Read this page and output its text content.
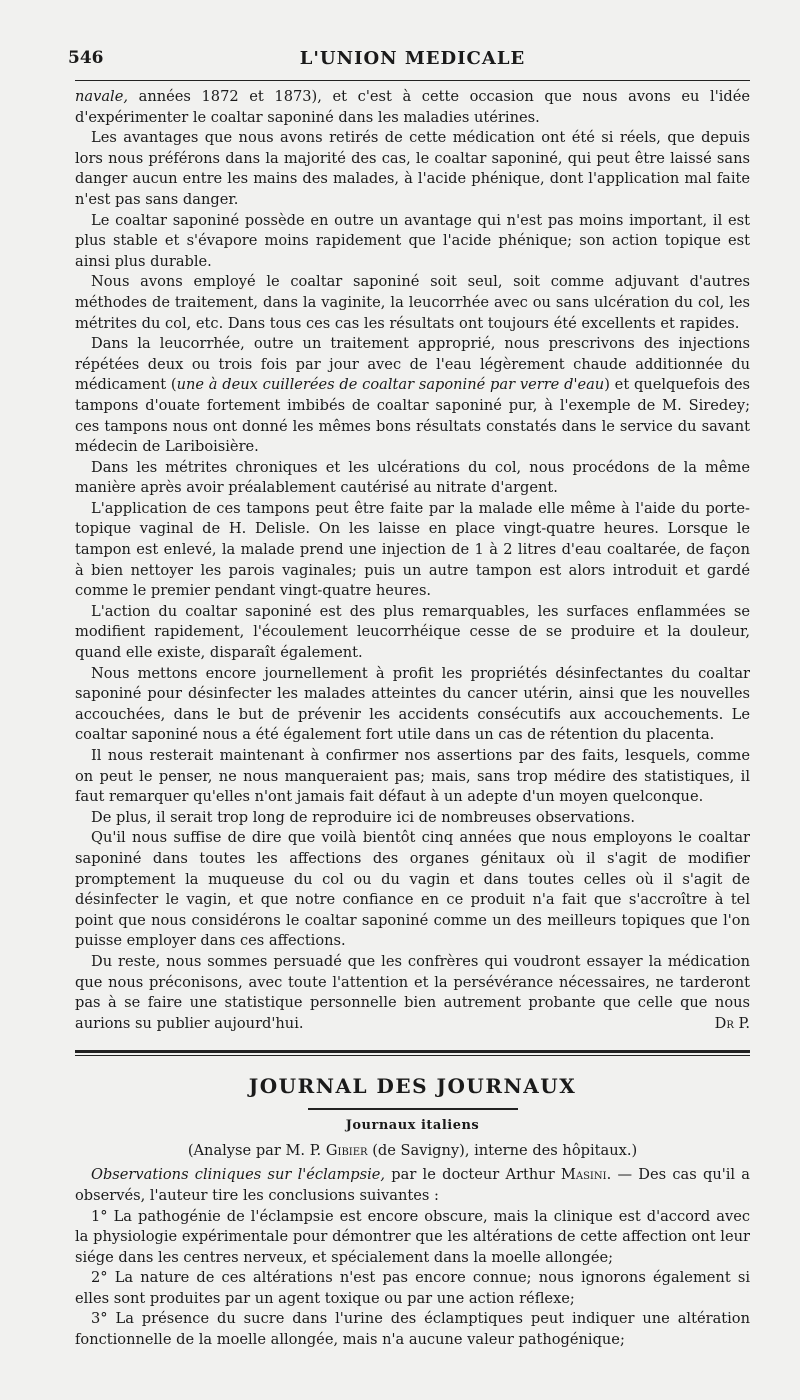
546	L'UNION MEDICALE

navale, années 1872 et 1873), et c'est à cette occasion que nous avons eu l'idée d'expérimenter le coaltar saponiné dans les maladies utérines.

Les avantages que nous avons retirés de cette médication ont été si réels, que depuis lors nous préférons dans la majorité des cas, le coaltar saponiné, qui peut être laissé sans danger aucun entre les mains des malades, à l'acide phénique, dont l'application mal faite n'est pas sans danger.

Le coaltar saponiné possède en outre un avantage qui n'est pas moins important, il est plus stable et s'évapore moins rapidement que l'acide phénique; son action topique est ainsi plus durable.

Nous avons employé le coaltar saponiné soit seul, soit comme adjuvant d'autres méthodes de traitement, dans la vaginite, la leucorrhée avec ou sans ulcération du col, les métrites du col, etc. Dans tous ces cas les résultats ont toujours été excellents et rapides.

Dans la leucorrhée, outre un traitement approprié, nous prescrivons des injections répétées deux ou trois fois par jour avec de l'eau légèrement chaude additionnée du médicament (une à deux cuillerées de coaltar saponiné par verre d'eau) et quelquefois des tampons d'ouate fortement imbibés de coaltar saponiné pur, à l'exemple de M. Siredey; ces tampons nous ont donné les mêmes bons résultats constatés dans le service du savant médecin de Lariboisière.

Dans les métrites chroniques et les ulcérations du col, nous procédons de la même manière après avoir préalablement cautérisé au nitrate d'argent.

L'application de ces tampons peut être faite par la malade elle même à l'aide du porte-topique vaginal de H. Delisle. On les laisse en place vingt-quatre heures. Lorsque le tampon est enlevé, la malade prend une injection de 1 à 2 litres d'eau coaltarée, de façon à bien nettoyer les parois vaginales; puis un autre tampon est alors introduit et gardé comme le premier pendant vingt-quatre heures.

L'action du coaltar saponiné est des plus remarquables, les surfaces enflammées se modifient rapidement, l'écoulement leucorrhéique cesse de se produire et la douleur, quand elle existe, disparaît également.

Nous mettons encore journellement à profit les propriétés désinfectantes du coaltar saponiné pour désinfecter les malades atteintes du cancer utérin, ainsi que les nouvelles accouchées, dans le but de prévenir les accidents consécutifs aux accouchements. Le coaltar saponiné nous a été également fort utile dans un cas de rétention du placenta.

Il nous resterait maintenant à confirmer nos assertions par des faits, lesquels, comme on peut le penser, ne nous manqueraient pas; mais, sans trop médire des statistiques, il faut remarquer qu'elles n'ont jamais fait défaut à un adepte d'un moyen quelconque.

De plus, il serait trop long de reproduire ici de nombreuses observations.

Qu'il nous suffise de dire que voilà bientôt cinq années que nous employons le coaltar saponiné dans toutes les affections des organes génitaux où il s'agit de modifier promptement la muqueuse du col ou du vagin et dans toutes celles où il s'agit de désinfecter le vagin, et que notre confiance en ce produit n'a fait que s'accroître à tel point que nous considérons le coaltar saponiné comme un des meilleurs topiques que l'on puisse employer dans ces affections.

Du reste, nous sommes persuadé que les confrères qui voudront essayer la médication que nous préconisons, avec toute l'attention et la persévérance nécessaires, ne tarderont pas à se faire une statistique personnelle bien autrement probante que celle que nous aurions su publier aujourd'hui.	Dr P.

JOURNAL DES JOURNAUX
Journaux italiens
(Analyse par M. P. Gibier (de Savigny), interne des hôpitaux.)

Observations cliniques sur l'éclampsie, par le docteur Arthur Masini. — Des cas qu'il a observés, l'auteur tire les conclusions suivantes :

1° La pathogénie de l'éclampsie est encore obscure, mais la clinique est d'accord avec la physiologie expérimentale pour démontrer que les altérations de cette affection ont leur siége dans les centres nerveux, et spécialement dans la moelle allongée;

2° La nature de ces altérations n'est pas encore connue; nous ignorons également si elles sont produites par un agent toxique ou par une action réflexe;

3° La présence du sucre dans l'urine des éclamptiques peut indiquer une altération fonctionnelle de la moelle allongée, mais n'a aucune valeur pathogénique;
